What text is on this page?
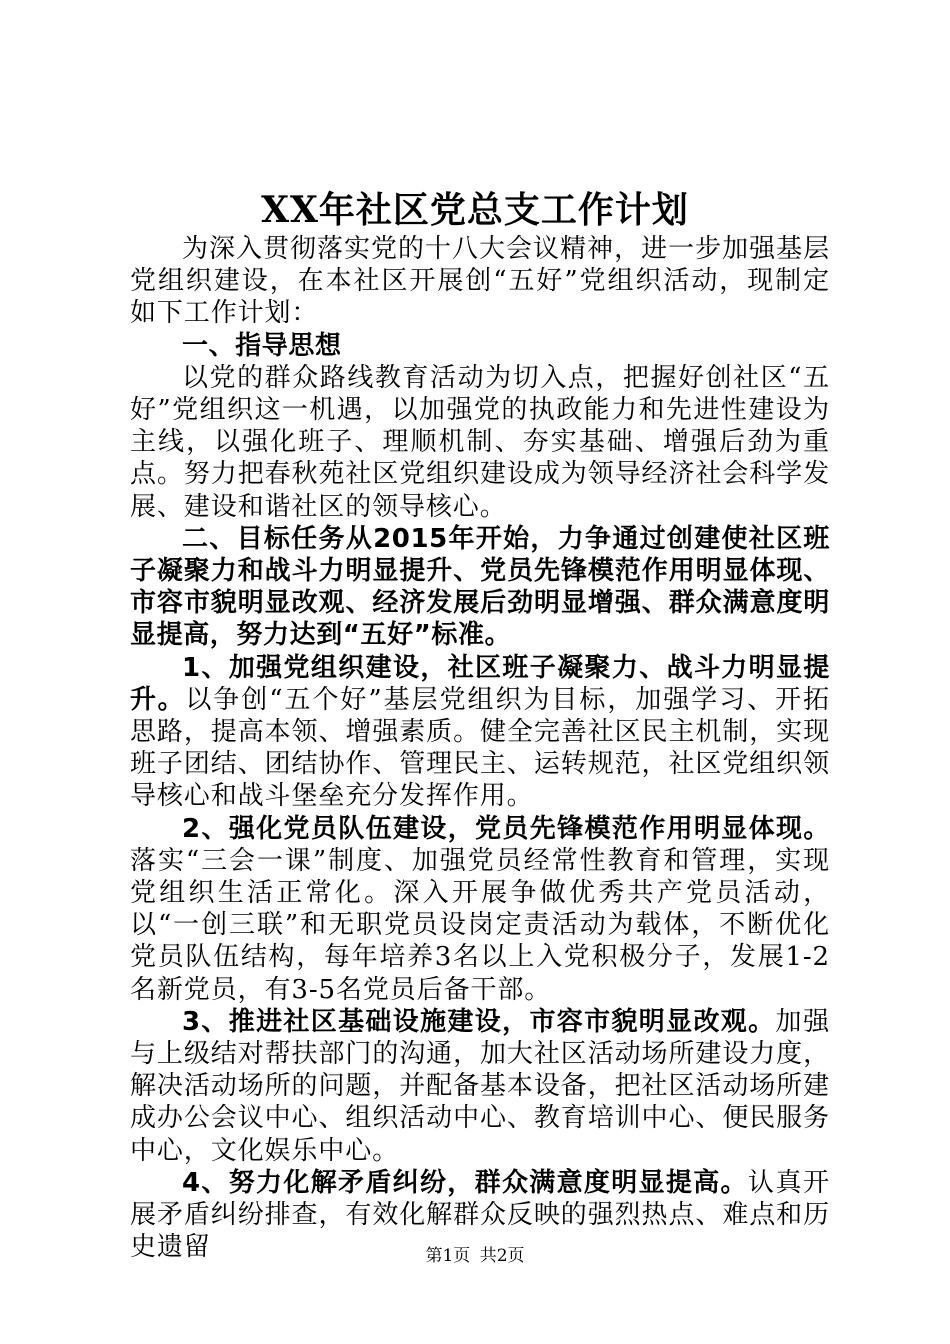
XX年社区党总支工作计划

为深入贯彻落实党的十八大会议精神，进一步加强基层党组织建设，在本社区开展创“五好”党组织活动，现制定如下工作计划：

一、指导思想

以党的群众路线教育活动为切入点，把握好创社区“五好”党组织这一机遇，以加强党的执政能力和先进性建设为主线，以强化班子、理顺机制、夯实基础、增强后劲为重点。努力把春秋苑社区党组织建设成为领导经济社会科学发展、建设和谐社区的领导核心。

二、目标任务从2015年开始，力争通过创建使社区班子凝聚力和战斗力明显提升、党员先锋模范作用明显体现、市容市貌明显改观、经济发展后劲明显增强、群众满意度明显提高，努力达到“五好”标准。

1、加强党组织建设，社区班子凝聚力、战斗力明显提升。以争创“五个好”基层党组织为目标，加强学习、开拓思路，提高本领、增强素质。健全完善社区民主机制，实现班子团结、团结协作、管理民主、运转规范，社区党组织领导核心和战斗堡垒充分发挥作用。

2、强化党员队伍建设，党员先锋模范作用明显体现。落实“三会一课”制度、加强党员经常性教育和管理，实现党组织生活正常化。深入开展争做优秀共产党员活动，以“一创三联”和无职党员设岗定责活动为载体，不断优化党员队伍结构，每年培养3名以上入党积极分子，发展1-2名新党员，有3-5名党员后备干部。

3、推进社区基础设施建设，市容市貌明显改观。加强与上级结对帮扶部门的沟通，加大社区活动场所建设力度，解决活动场所的问题，并配备基本设备，把社区活动场所建成办公会议中心、组织活动中心、教育培训中心、便民服务中心，文化娱乐中心。

4、努力化解矛盾纠纷，群众满意度明显提高。认真开展矛盾纠纷排查，有效化解群众反映的强烈热点、难点和历史遗留	第1页 共2页
